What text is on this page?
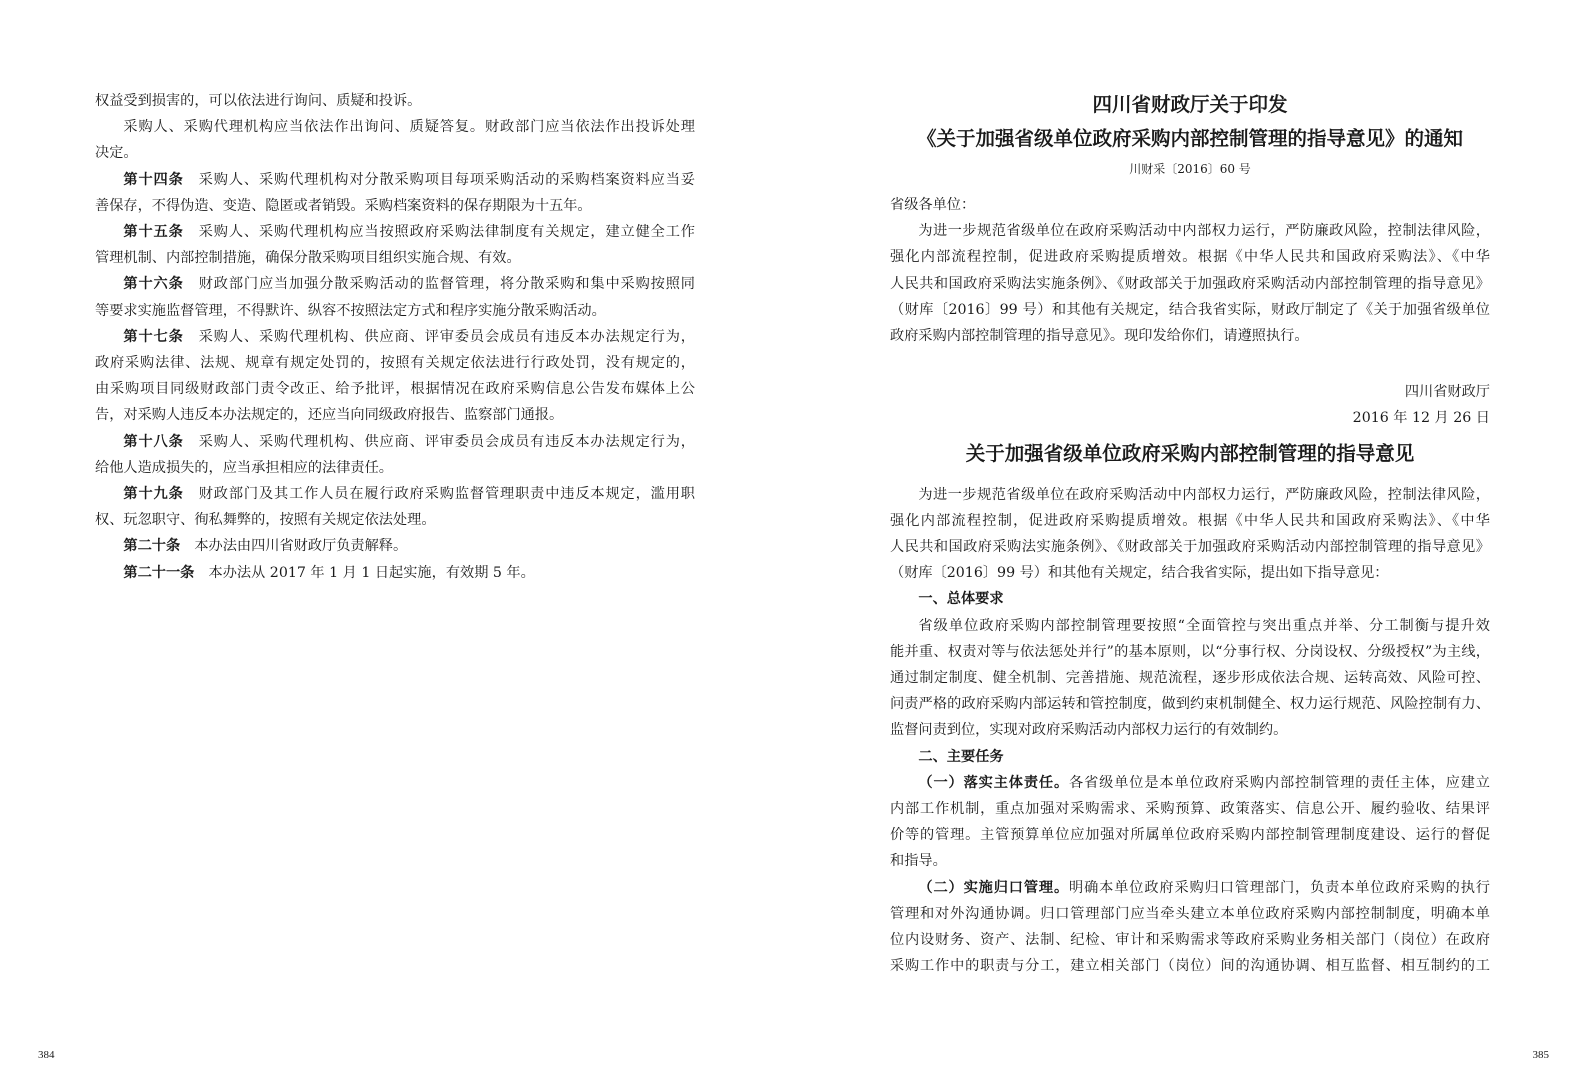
权益受到损害的，可以依法进行询问、质疑和投诉。
采购人、采购代理机构应当依法作出询问、质疑答复。财政部门应当依法作出投诉处理
决定。
第十四条　采购人、采购代理机构对分散采购项目每项采购活动的采购档案资料应当妥
善保存，不得伪造、变造、隐匿或者销毁。采购档案资料的保存期限为十五年。
第十五条　采购人、采购代理机构应当按照政府采购法律制度有关规定，建立健全工作
管理机制、内部控制措施，确保分散采购项目组织实施合规、有效。
第十六条　财政部门应当加强分散采购活动的监督管理，将分散采购和集中采购按照同
等要求实施监督管理，不得默许、纵容不按照法定方式和程序实施分散采购活动。
第十七条　采购人、采购代理机构、供应商、评审委员会成员有违反本办法规定行为，
政府采购法律、法规、规章有规定处罚的，按照有关规定依法进行行政处罚，没有规定的，
由采购项目同级财政部门责令改正、给予批评，根据情况在政府采购信息公告发布媒体上公
告，对采购人违反本办法规定的，还应当向同级政府报告、监察部门通报。
第十八条　采购人、采购代理机构、供应商、评审委员会成员有违反本办法规定行为，
给他人造成损失的，应当承担相应的法律责任。
第十九条　财政部门及其工作人员在履行政府采购监督管理职责中违反本规定，滥用职
权、玩忽职守、徇私舞弊的，按照有关规定依法处理。
第二十条　本办法由四川省财政厅负责解释。
第二十一条　本办法从 2017 年 1 月 1 日起实施，有效期 5 年。
384
四川省财政厅关于印发
《关于加强省级单位政府采购内部控制管理的指导意见》的通知
川财采〔2016〕60 号
省级各单位：
为进一步规范省级单位在政府采购活动中内部权力运行，严防廉政风险，控制法律风险，
强化内部流程控制，促进政府采购提质增效。根据《中华人民共和国政府采购法》、《中华
人民共和国政府采购法实施条例》、《财政部关于加强政府采购活动内部控制管理的指导意见》
（财库〔2016〕99 号）和其他有关规定，结合我省实际，财政厅制定了《关于加强省级单位
政府采购内部控制管理的指导意见》。现印发给你们，请遵照执行。
四川省财政厅
2016 年 12 月 26 日
关于加强省级单位政府采购内部控制管理的指导意见
为进一步规范省级单位在政府采购活动中内部权力运行，严防廉政风险，控制法律风险，
强化内部流程控制，促进政府采购提质增效。根据《中华人民共和国政府采购法》、《中华
人民共和国政府采购法实施条例》、《财政部关于加强政府采购活动内部控制管理的指导意见》
（财库〔2016〕99 号）和其他有关规定，结合我省实际，提出如下指导意见：
一、总体要求
省级单位政府采购内部控制管理要按照“全面管控与突出重点并举、分工制衡与提升效
能并重、权责对等与依法惩处并行”的基本原则，以“分事行权、分岗设权、分级授权”为主线，
通过制定制度、健全机制、完善措施、规范流程，逐步形成依法合规、运转高效、风险可控、
问责严格的政府采购内部运转和管控制度，做到约束机制健全、权力运行规范、风险控制有力、
监督问责到位，实现对政府采购活动内部权力运行的有效制约。
二、主要任务
（一）落实主体责任。各省级单位是本单位政府采购内部控制管理的责任主体，应建立
内部工作机制，重点加强对采购需求、采购预算、政策落实、信息公开、履约验收、结果评
价等的管理。主管预算单位应加强对所属单位政府采购内部控制管理制度建设、运行的督促
和指导。
（二）实施归口管理。明确本单位政府采购归口管理部门，负责本单位政府采购的执行
管理和对外沟通协调。归口管理部门应当牵头建立本单位政府采购内部控制制度，明确本单
位内设财务、资产、法制、纪检、审计和采购需求等政府采购业务相关部门（岗位）在政府
采购工作中的职责与分工，建立相关部门（岗位）间的沟通协调、相互监督、相互制约的工
385
